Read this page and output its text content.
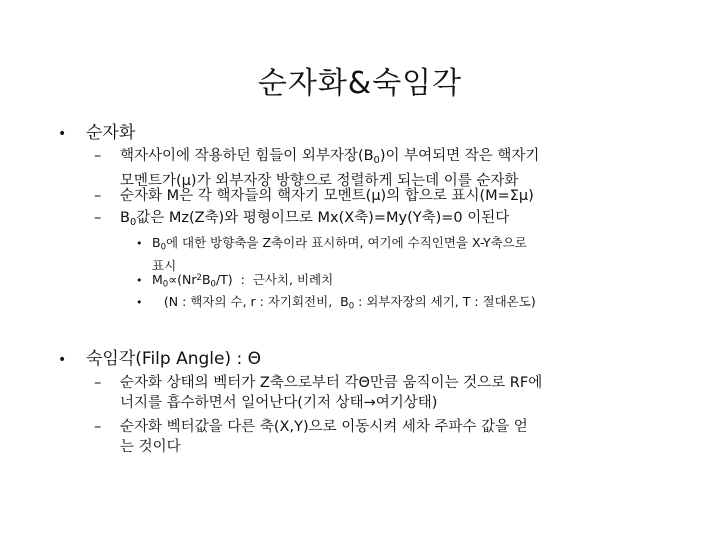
순자화&숙임각
•	순자화
–	핵자사이에 작용하던 힘들이 외부자장$(B_0)$이 부여되면 작은 핵자기
모멘트가(μ)가 외부자장 방향으로 정렬하게 되는데 이를 순자화
–	순자화 M은 각 핵자들의 핵자기 모멘트(μ)의 합으로 표시(M=Σμ)
–	$B_0$값은 Mz(Z축)와 평형이므로 Mx(X축)=My(Y축)=0 이된다
• $B_0$에 대한 방향축을 Z축이라 표시하며, 여기에 수직인면을 X-Y축으로
표시
• $M_0\propto(Nr^2B_0/T)$  :  근사치, 비례치
• (N : 핵자의 수, r : 자기회전비,  $B_0$ : 외부자장의 세기, T : 절대온도)
•	숙임각(Filp Angle) : Θ
–	순자화 상태의 벡터가 Z축으로부터 각Θ만큼 움직이는 것으로 RF에
너지를 흡수하면서 일어난다(기저 상태→여기상태)
–	순자화 벡터값을 다른 축(X,Y)으로 이동시켜 세차 주파수 값을 얻
는 것이다
